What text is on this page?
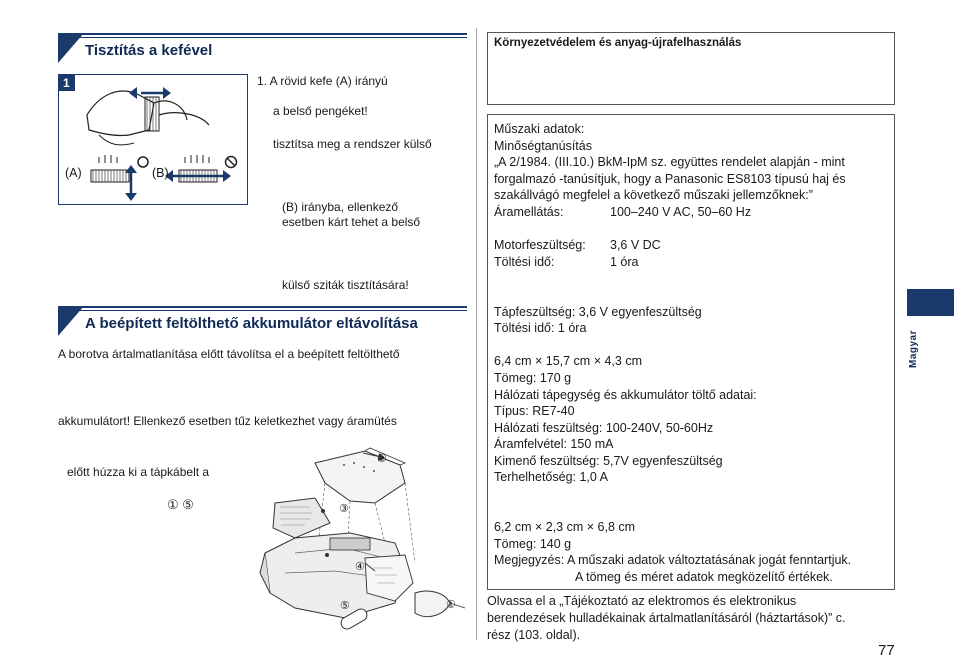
Tisztítás a kefével
1
(A)	(B)
1. A rövid kefe (A) irányú
a belső pengéket!
tisztítsa meg a rendszer külső
(B) irányba, ellenkező
esetben kárt tehet a belső
külső sziták tisztítására!
A beépített feltölthető akkumulátor eltávolítása
A borotva ártalmatlanítása előtt távolítsa el a beépített feltölthető
akkumulátort! Ellenkező esetben tűz keletkezhet vagy áramütés
előtt húzza ki a tápkábelt a
① ⑤
②
③
④
⑤	①
Környezetvédelem és anyag-újrafelhasználás
Műszaki adatok:
Minőségtanúsítás
„A 2/1984. (III.10.) BkM-IpM sz. együttes rendelet alapján - mint
forgalmazó -tanúsítjuk, hogy a Panasonic ES8103 típusú haj és
szakállvágó megfelel a következő műszaki jellemzőknek:”
Áramellátás:	100–240 V AC, 50–60 Hz
Motorfeszültség: 3,6 V DC
Töltési idő:	1 óra
Tápfeszültség: 3,6 V egyenfeszültség
Töltési idő: 1 óra
6,4 cm × 15,7 cm × 4,3 cm
Tömeg: 170 g
Hálózati tápegység és akkumulátor töltő adatai:
Típus: RE7-40
Hálózati feszültség: 100-240V, 50-60Hz
Áramfelvétel: 150 mA
Kimenő feszültség: 5,7V egyenfeszültség
Terhelhetőség: 1,0 A
6,2 cm × 2,3 cm × 6,8 cm
Tömeg: 140 g
Megjegyzés: A műszaki adatok változtatásának jogát fenntartjuk.
A tömeg és méret adatok megközelítő értékek.
Olvassa el a „Tájékoztató az elektromos és elektronikus
berendezések hulladékainak ártalmatlanításáról (háztartások)” c.
rész (103. oldal).
Magyar
77
